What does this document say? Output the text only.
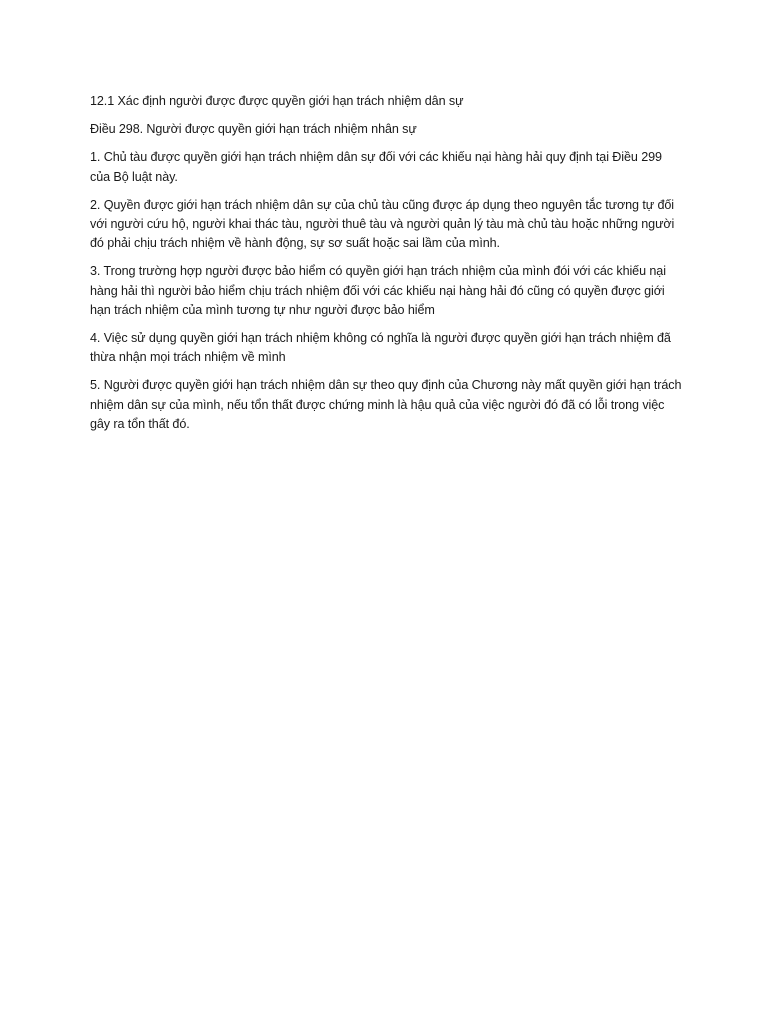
12.1 Xác định người được được quyền giới hạn trách nhiệm dân sự

Điều 298. Người được quyền giới hạn trách nhiệm nhân sự

1. Chủ tàu được quyền giới hạn trách nhiệm dân sự đối với các khiếu nại hàng hải quy định tại Điều 299 của Bộ luật này.

2. Quyền được giới hạn trách nhiệm dân sự của chủ tàu cũng được áp dụng theo nguyên tắc tương tự đối với người cứu hộ, người khai thác tàu, người thuê tàu và người quản lý tàu mà chủ tàu hoặc những người đó phải chịu trách nhiệm về hành động, sự sơ suất hoặc sai lầm của mình.

3. Trong trường hợp người được bảo hiểm có quyền giới hạn trách nhiệm của mình đói với các khiếu nại hàng hải thì người bảo hiểm chịu trách nhiệm đối với các khiếu nại hàng hải đó cũng có quyền được giới hạn trách nhiệm của mình tương tự như người được bảo hiểm

4. Việc sử dụng quyền giới hạn trách nhiệm không có nghĩa là người được quyền giới hạn trách nhiệm đã thừa nhận mọi trách nhiệm về mình

5. Người được quyền giới hạn trách nhiệm dân sự theo quy định của Chương này mất quyền giới hạn trách nhiệm dân sự của mình, nếu tổn thất được chứng minh là hậu quả của việc người đó đã có lỗi trong việc gây ra tổn thất đó.
